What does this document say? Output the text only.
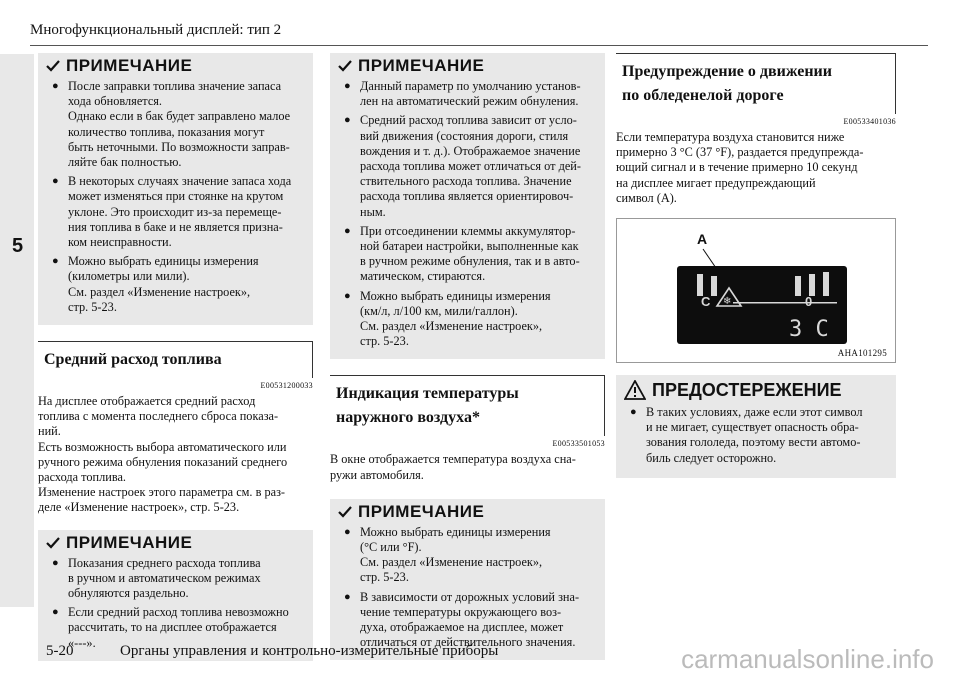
Многофункциональный дисплей: тип 2
5
ПРИМЕЧАНИЕ
● После заправки топлива значение запаса
хода обновляется.
Однако если в бак будет заправлено малое
количество топлива, показания могут
быть неточными. По возможности заправ-
ляйте бак полностью.
● В некоторых случаях значение запаса хода
может изменяться при стоянке на крутом
уклоне. Это происходит из-за перемеще-
ния топлива в баке и не является призна-
ком неисправности.
● Можно выбрать единицы измерения
(километры или мили).
См. раздел «Изменение настроек»,
стр. 5-23.
Средний расход топлива
E00531200033
На дисплее отображается средний расход
топлива с момента последнего сброса показа-
ний.
Есть возможность выбора автоматического или
ручного режима обнуления показаний среднего
расхода топлива.
Изменение настроек этого параметра см. в раз-
деле «Изменение настроек», стр. 5-23.
ПРИМЕЧАНИЕ
● Показания среднего расхода топлива
в ручном и автоматическом режимах
обнуляются раздельно.
● Если средний расход топлива невозможно
рассчитать, то на дисплее отображается
«---».
ПРИМЕЧАНИЕ
● Данный параметр по умолчанию установ-
лен на автоматический режим обнуления.
● Средний расход топлива зависит от усло-
вий движения (состояния дороги, стиля
вождения и т. д.). Отображаемое значение
расхода топлива может отличаться от дей-
ствительного расхода топлива. Значение
расхода топлива является ориентировоч-
ным.
● При отсоединении клеммы аккумулятор-
ной батареи настройки, выполненные как
в ручном режиме обнуления, так и в авто-
матическом, стираются.
● Можно выбрать единицы измерения
(км/л, л/100 км, мили/галлон).
См. раздел «Изменение настроек»,
стр. 5-23.
Индикация температуры
наружного воздуха*
E00533501053
В окне отображается температура воздуха сна-
ружи автомобиля.
ПРИМЕЧАНИЕ
● Можно выбрать единицы измерения
(°C или °F).
См. раздел «Изменение настроек»,
стр. 5-23.
● В зависимости от дорожных условий зна-
чение температуры окружающего воз-
духа, отображаемое на дисплее, может
отличаться от действительного значения.
Предупреждение о движении
по обледенелой дороге
E00533401036
Если температура воздуха становится ниже
примерно 3 °C (37 °F), раздается предупрежда-
ющий сигнал и в течение примерно 10 секунд
на дисплее мигает предупреждающий
символ (A).
A
C	0
❄
3 C
AHA101295
ПРЕДОСТЕРЕЖЕНИЕ
● В таких условиях, даже если этот символ
и не мигает, существует опасность обра-
зования гололеда, поэтому вести автомо-
биль следует осторожно.
5-20	Органы управления и контрольно-измерительные приборы	carmanualsonline.info
